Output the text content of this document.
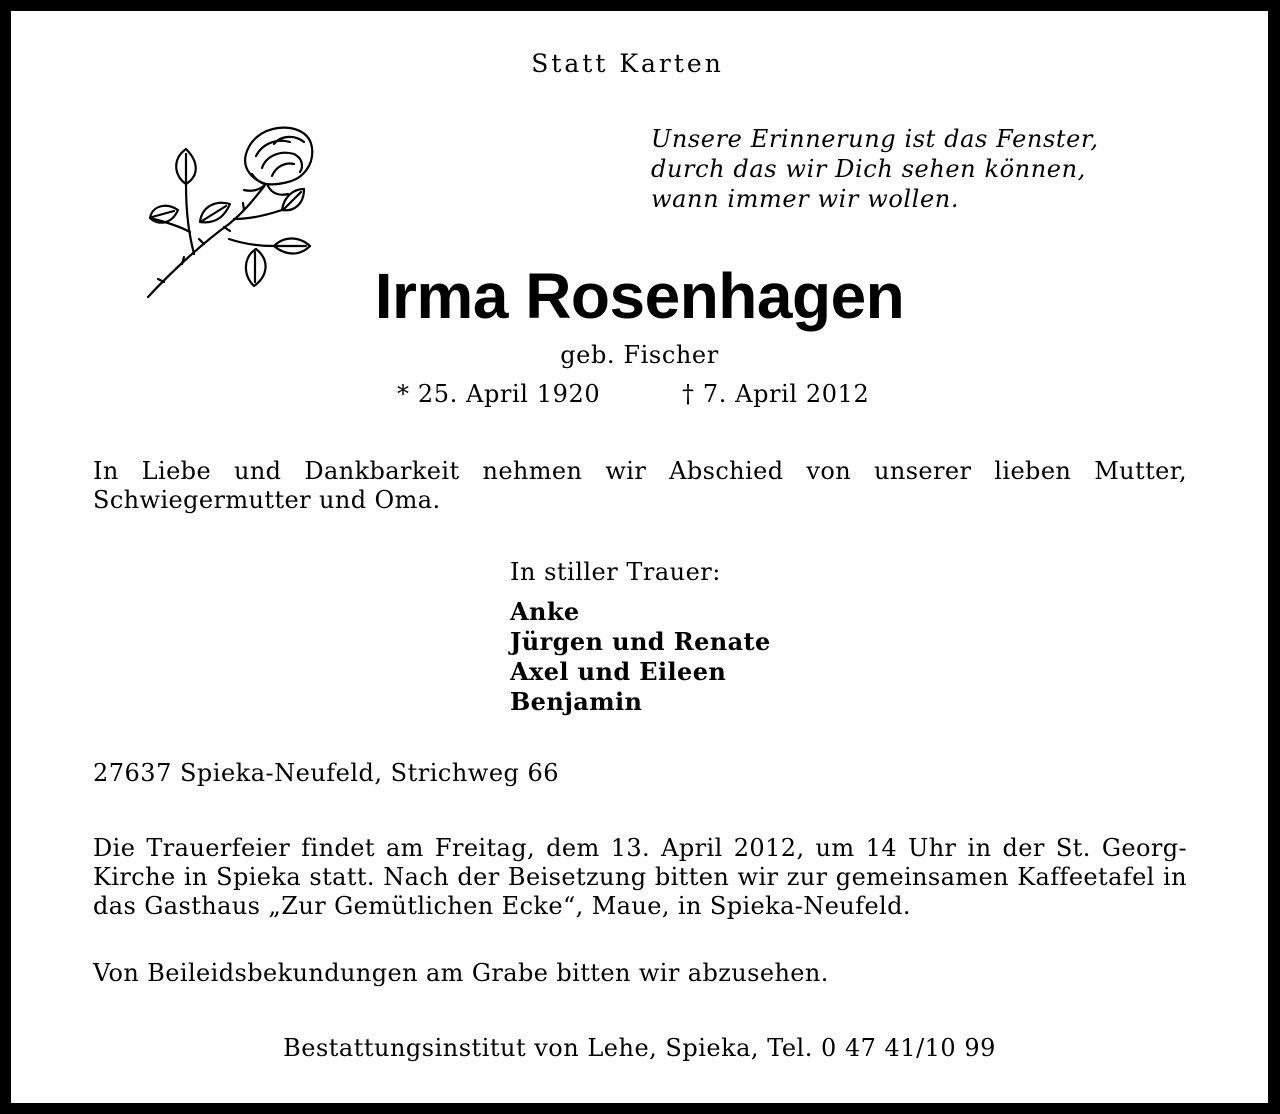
Statt Karten
Unsere Erinnerung ist das Fenster,
durch das wir Dich sehen können,
wann immer wir wollen.
Irma Rosenhagen
geb. Fischer
* 25. April 1920	† 7. April 2012
In Liebe und Dankbarkeit nehmen wir Abschied von unserer lieben Mutter, Schwiegermutter und Oma.
In stiller Trauer:
Anke
Jürgen und Renate
Axel und Eileen
Benjamin
27637 Spieka-Neufeld, Strichweg 66
Die Trauerfeier findet am Freitag, dem 13. April 2012, um 14 Uhr in der St. Georg-Kirche in Spieka statt. Nach der Beisetzung bitten wir zur gemeinsamen Kaffeetafel in das Gasthaus „Zur Gemütlichen Ecke“, Maue, in Spieka-Neufeld.
Von Beileidsbekundungen am Grabe bitten wir abzusehen.
Bestattungsinstitut von Lehe, Spieka, Tel. 0 47 41/10 99
